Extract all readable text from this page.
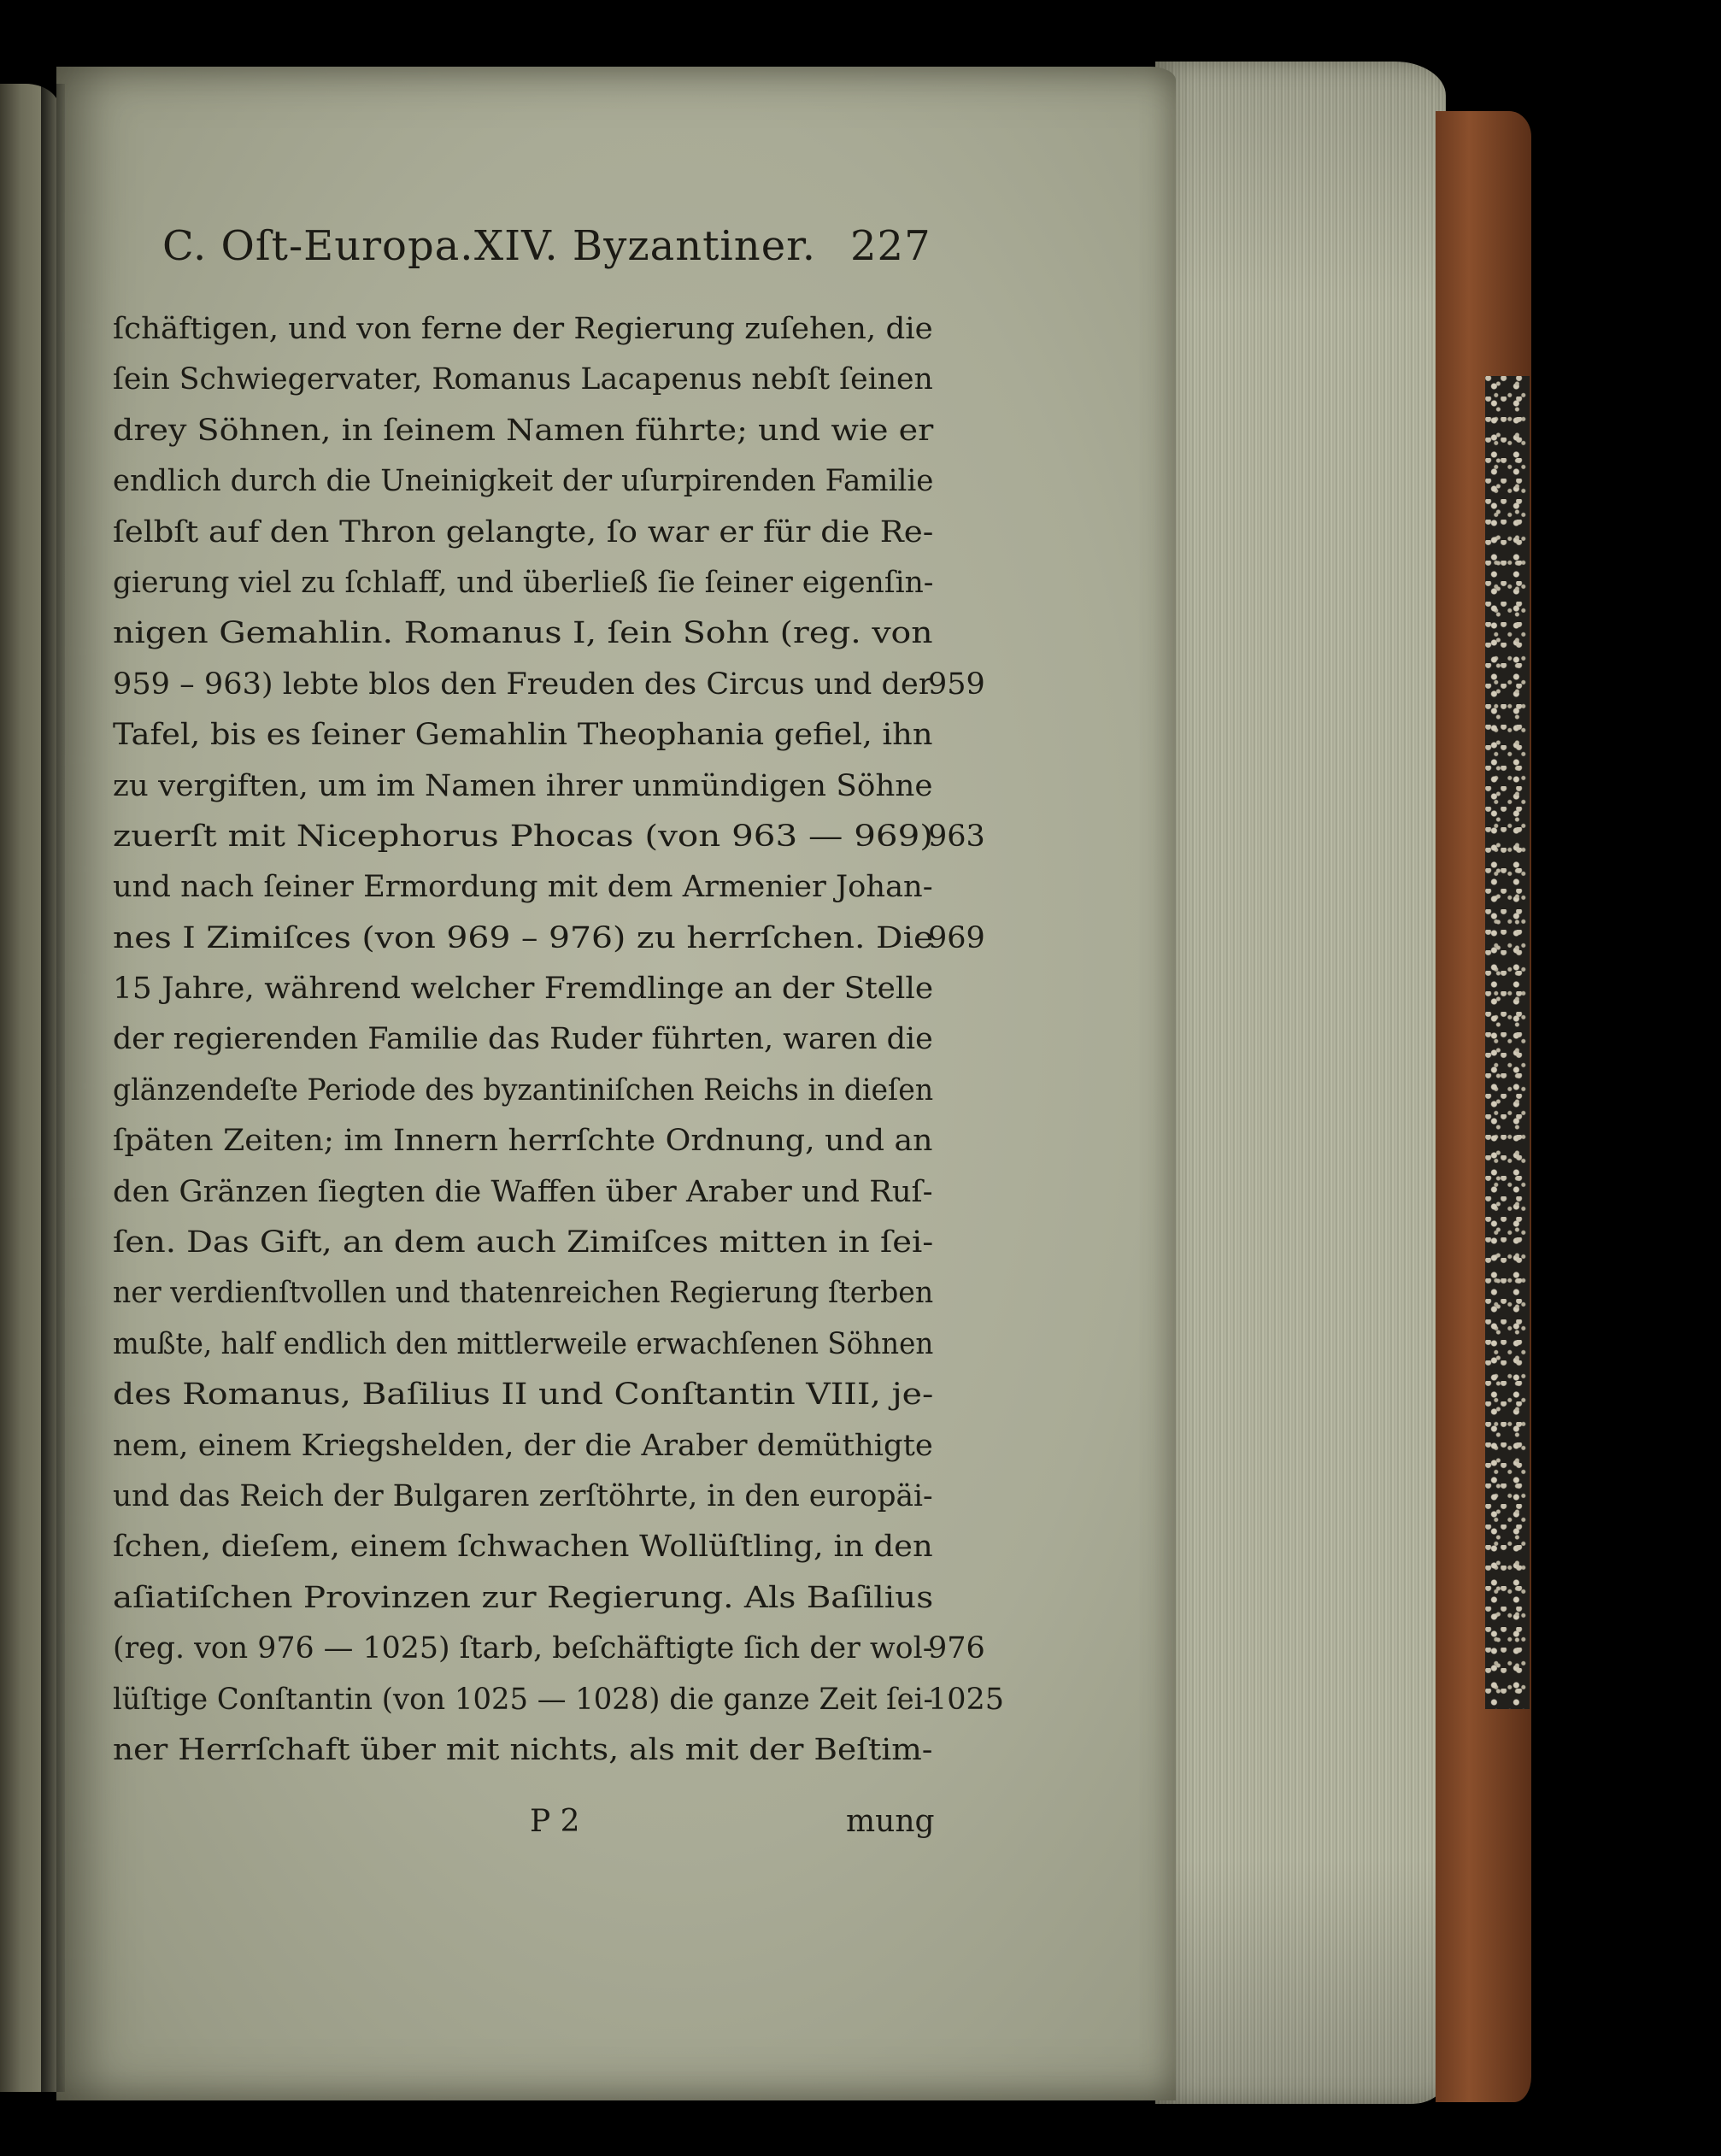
C. Oſt-Europa. XIV. Byzantiner. 227
ſchäftigen, und von ferne der Regierung zuſehen, die
ſein Schwiegervater, Romanus Lacapenus nebſt ſeinen
drey Söhnen, in ſeinem Namen führte; und wie er
endlich durch die Uneinigkeit der uſurpirenden Familie
ſelbſt auf den Thron gelangte, ſo war er für die Re-
gierung viel zu ſchlaff, und überließ ſie ſeiner eigenſin-
nigen Gemahlin. Romanus I, ſein Sohn (reg. von
959 – 963) lebte blos den Freuden des Circus und der
Tafel, bis es ſeiner Gemahlin Theophania gefiel, ihn
zu vergiften, um im Namen ihrer unmündigen Söhne
zuerſt mit Nicephorus Phocas (von 963 — 969)
und nach ſeiner Ermordung mit dem Armenier Johan-
nes I Zimiſces (von 969 – 976) zu herrſchen. Die
15 Jahre, während welcher Fremdlinge an der Stelle
der regierenden Familie das Ruder führten, waren die
glänzendeſte Periode des byzantiniſchen Reichs in dieſen
ſpäten Zeiten; im Innern herrſchte Ordnung, und an
den Gränzen ſiegten die Waffen über Araber und Ruſ-
ſen. Das Gift, an dem auch Zimiſces mitten in ſei-
ner verdienſtvollen und thatenreichen Regierung ſterben
mußte, half endlich den mittlerweile erwachſenen Söhnen
des Romanus, Baſilius II und Conſtantin VIII, je-
nem, einem Kriegshelden, der die Araber demüthigte
und das Reich der Bulgaren zerſtöhrte, in den europäi-
ſchen, dieſem, einem ſchwachen Wollüſtling, in den
aſiatiſchen Provinzen zur Regierung. Als Baſilius
(reg. von 976 — 1025) ſtarb, beſchäftigte ſich der wol-
lüſtige Conſtantin (von 1025 — 1028) die ganze Zeit ſei-
ner Herrſchaft über mit nichts, als mit der Beſtim-
959
963
969
976
1025
P 2	mung
